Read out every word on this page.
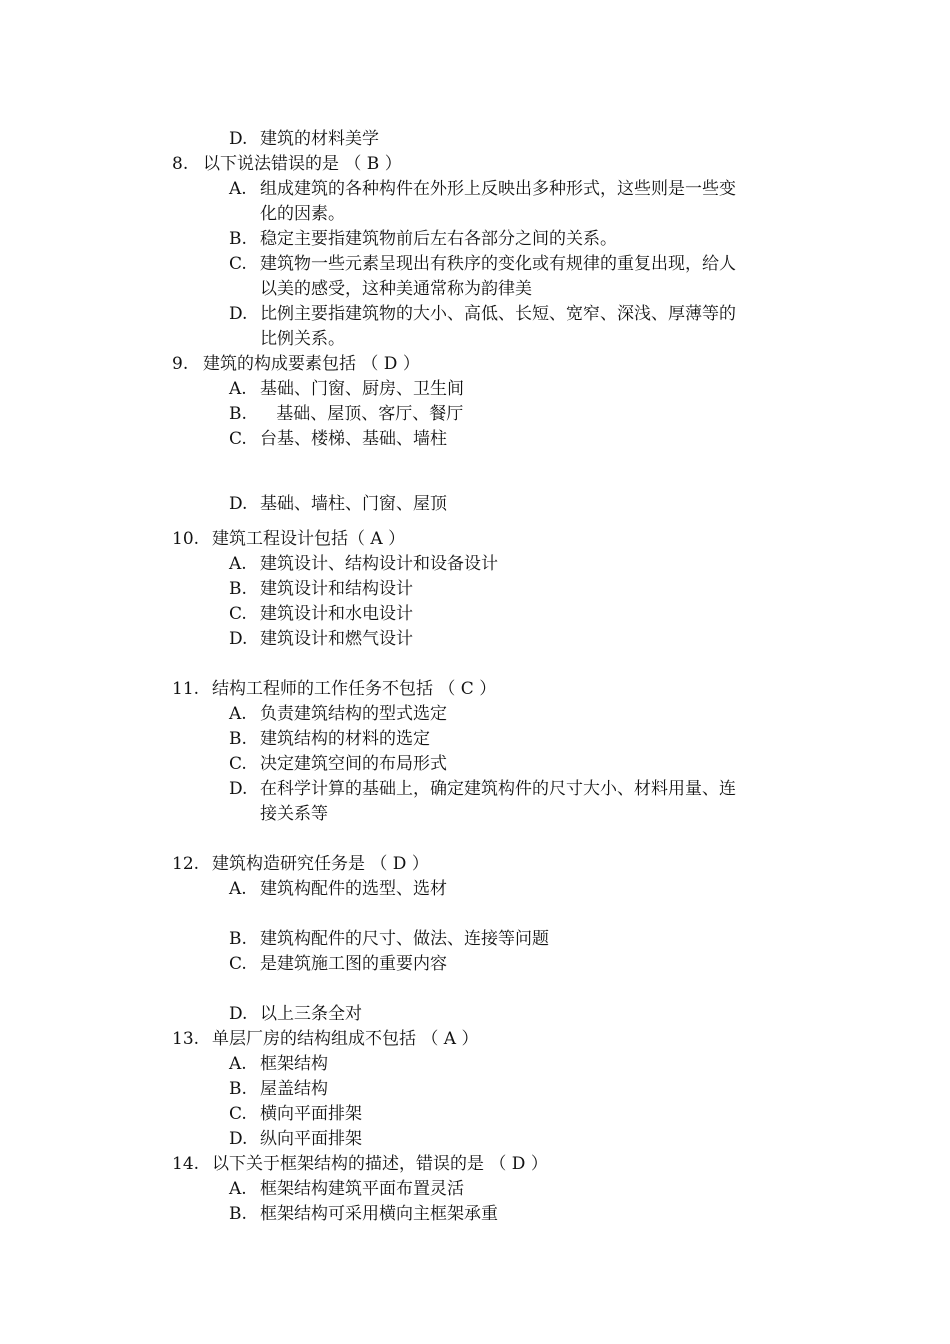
D. 建筑的材料美学
8. 以下说法错误的是 （ B ）
A. 组成建筑的各种构件在外形上反映出多种形式，这些则是一些变
化的因素。
B. 稳定主要指建筑物前后左右各部分之间的关系。
C. 建筑物一些元素呈现出有秩序的变化或有规律的重复出现，给人
以美的感受，这种美通常称为韵律美
D. 比例主要指建筑物的大小、高低、长短、宽窄、深浅、厚薄等的
比例关系。
9. 建筑的构成要素包括 （ D ）
A. 基础、门窗、厨房、卫生间
B.   基础、屋顶、客厅、餐厅
C. 台基、楼梯、基础、墙柱
D. 基础、墙柱、门窗、屋顶
10. 建筑工程设计包括（ A ）
A. 建筑设计、结构设计和设备设计
B. 建筑设计和结构设计
C. 建筑设计和水电设计
D. 建筑设计和燃气设计
11. 结构工程师的工作任务不包括 （ C ）
A. 负责建筑结构的型式选定
B. 建筑结构的材料的选定
C. 决定建筑空间的布局形式
D. 在科学计算的基础上，确定建筑构件的尺寸大小、材料用量、连
接关系等
12. 建筑构造研究任务是 （ D ）
A. 建筑构配件的选型、选材
B. 建筑构配件的尺寸、做法、连接等问题
C. 是建筑施工图的重要内容
D. 以上三条全对
13. 单层厂房的结构组成不包括 （ A ）
A. 框架结构
B. 屋盖结构
C. 横向平面排架
D. 纵向平面排架
14. 以下关于框架结构的描述，错误的是 （ D ）
A. 框架结构建筑平面布置灵活
B. 框架结构可采用横向主框架承重
